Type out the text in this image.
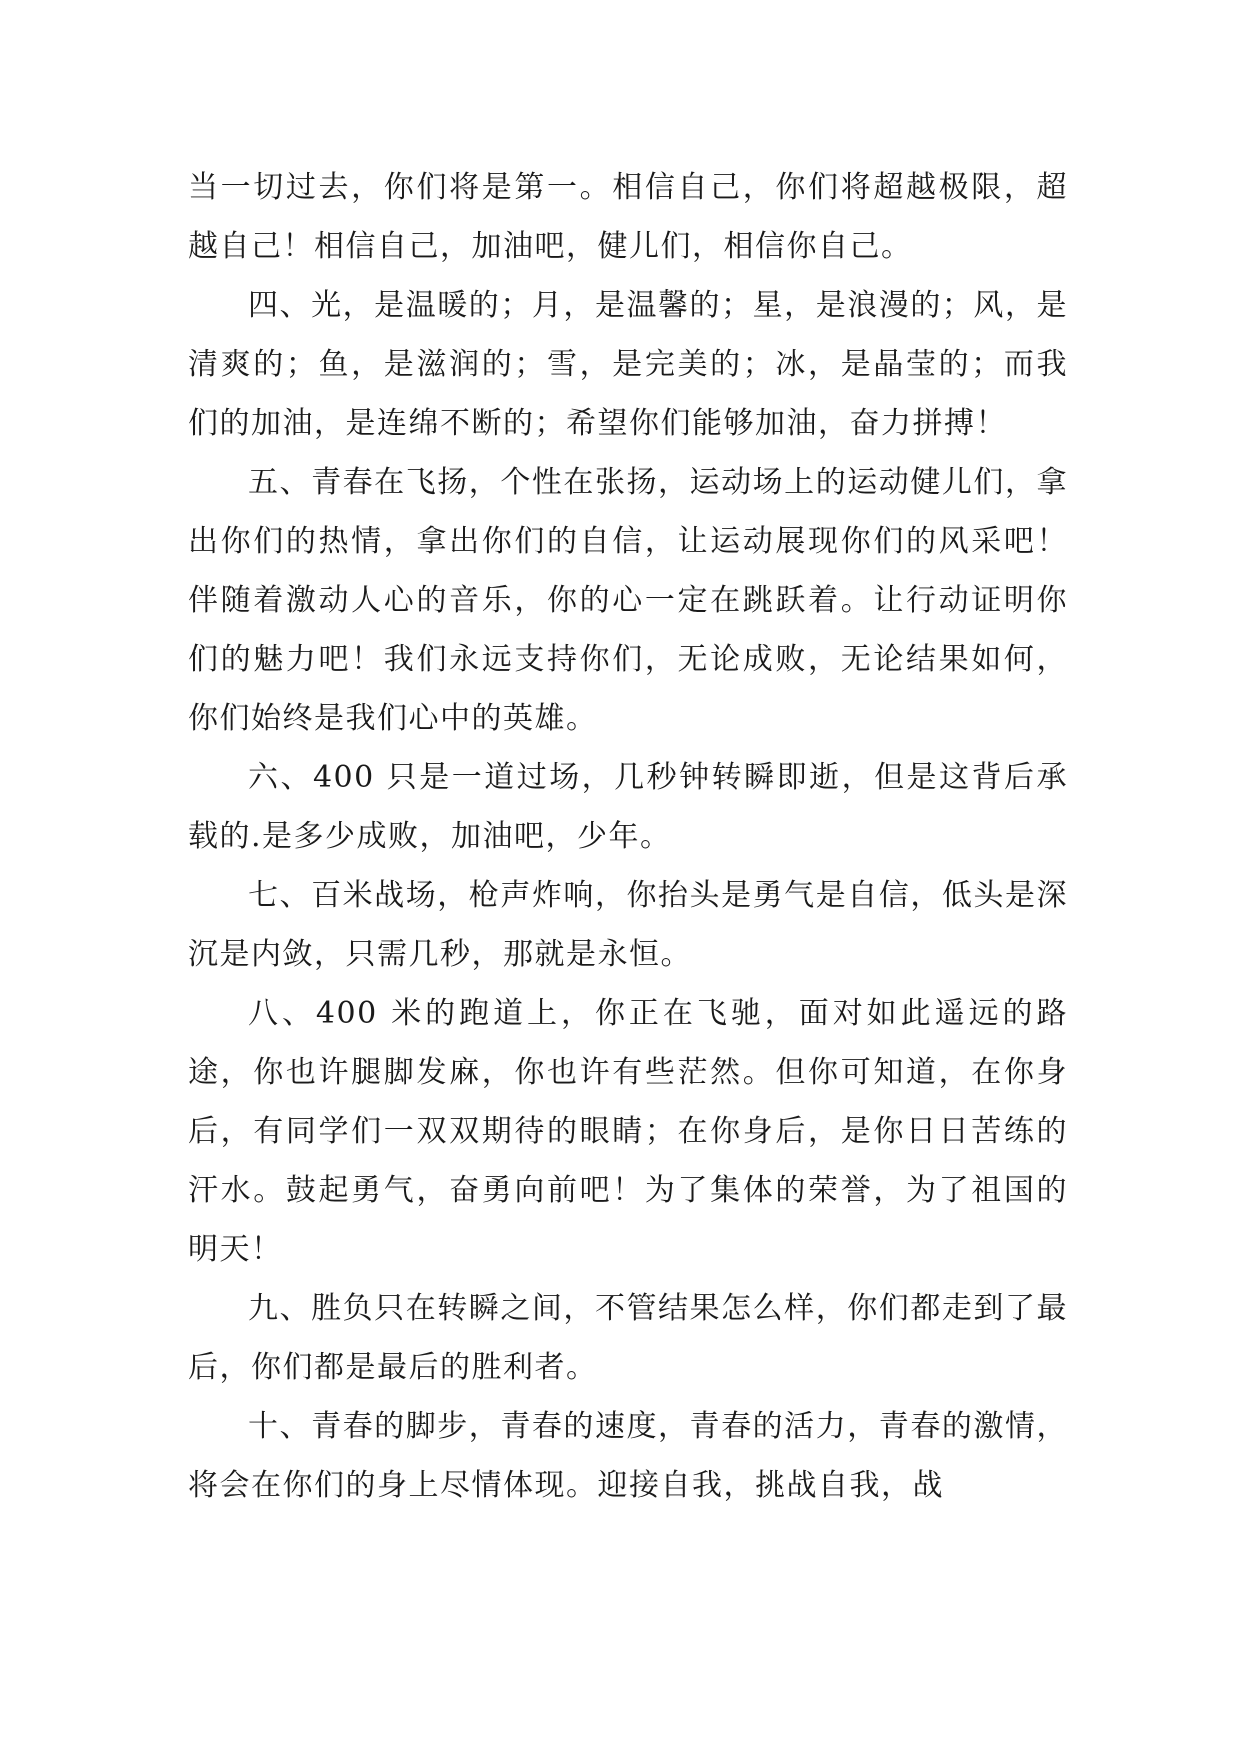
当一切过去，你们将是第一。相信自己，你们将超越极限，超越自己！相信自己，加油吧，健儿们，相信你自己。

四、光，是温暖的；月，是温馨的；星，是浪漫的；风，是清爽的；鱼，是滋润的；雪，是完美的；冰，是晶莹的；而我们的加油，是连绵不断的；希望你们能够加油，奋力拼搏！

五、青春在飞扬，个性在张扬，运动场上的运动健儿们，拿出你们的热情，拿出你们的自信，让运动展现你们的风采吧！伴随着激动人心的音乐，你的心一定在跳跃着。让行动证明你们的魅力吧！我们永远支持你们，无论成败，无论结果如何，你们始终是我们心中的英雄。

六、400 只是一道过场，几秒钟转瞬即逝，但是这背后承载的.是多少成败，加油吧，少年。

七、百米战场，枪声炸响，你抬头是勇气是自信，低头是深沉是内敛，只需几秒，那就是永恒。

八、400 米的跑道上，你正在飞驰，面对如此遥远的路途，你也许腿脚发麻，你也许有些茫然。但你可知道，在你身后，有同学们一双双期待的眼睛；在你身后，是你日日苦练的汗水。鼓起勇气，奋勇向前吧！为了集体的荣誉，为了祖国的明天！

九、胜负只在转瞬之间，不管结果怎么样，你们都走到了最后，你们都是最后的胜利者。

十、青春的脚步，青春的速度，青春的活力，青春的激情，将会在你们的身上尽情体现。迎接自我，挑战自我，战
